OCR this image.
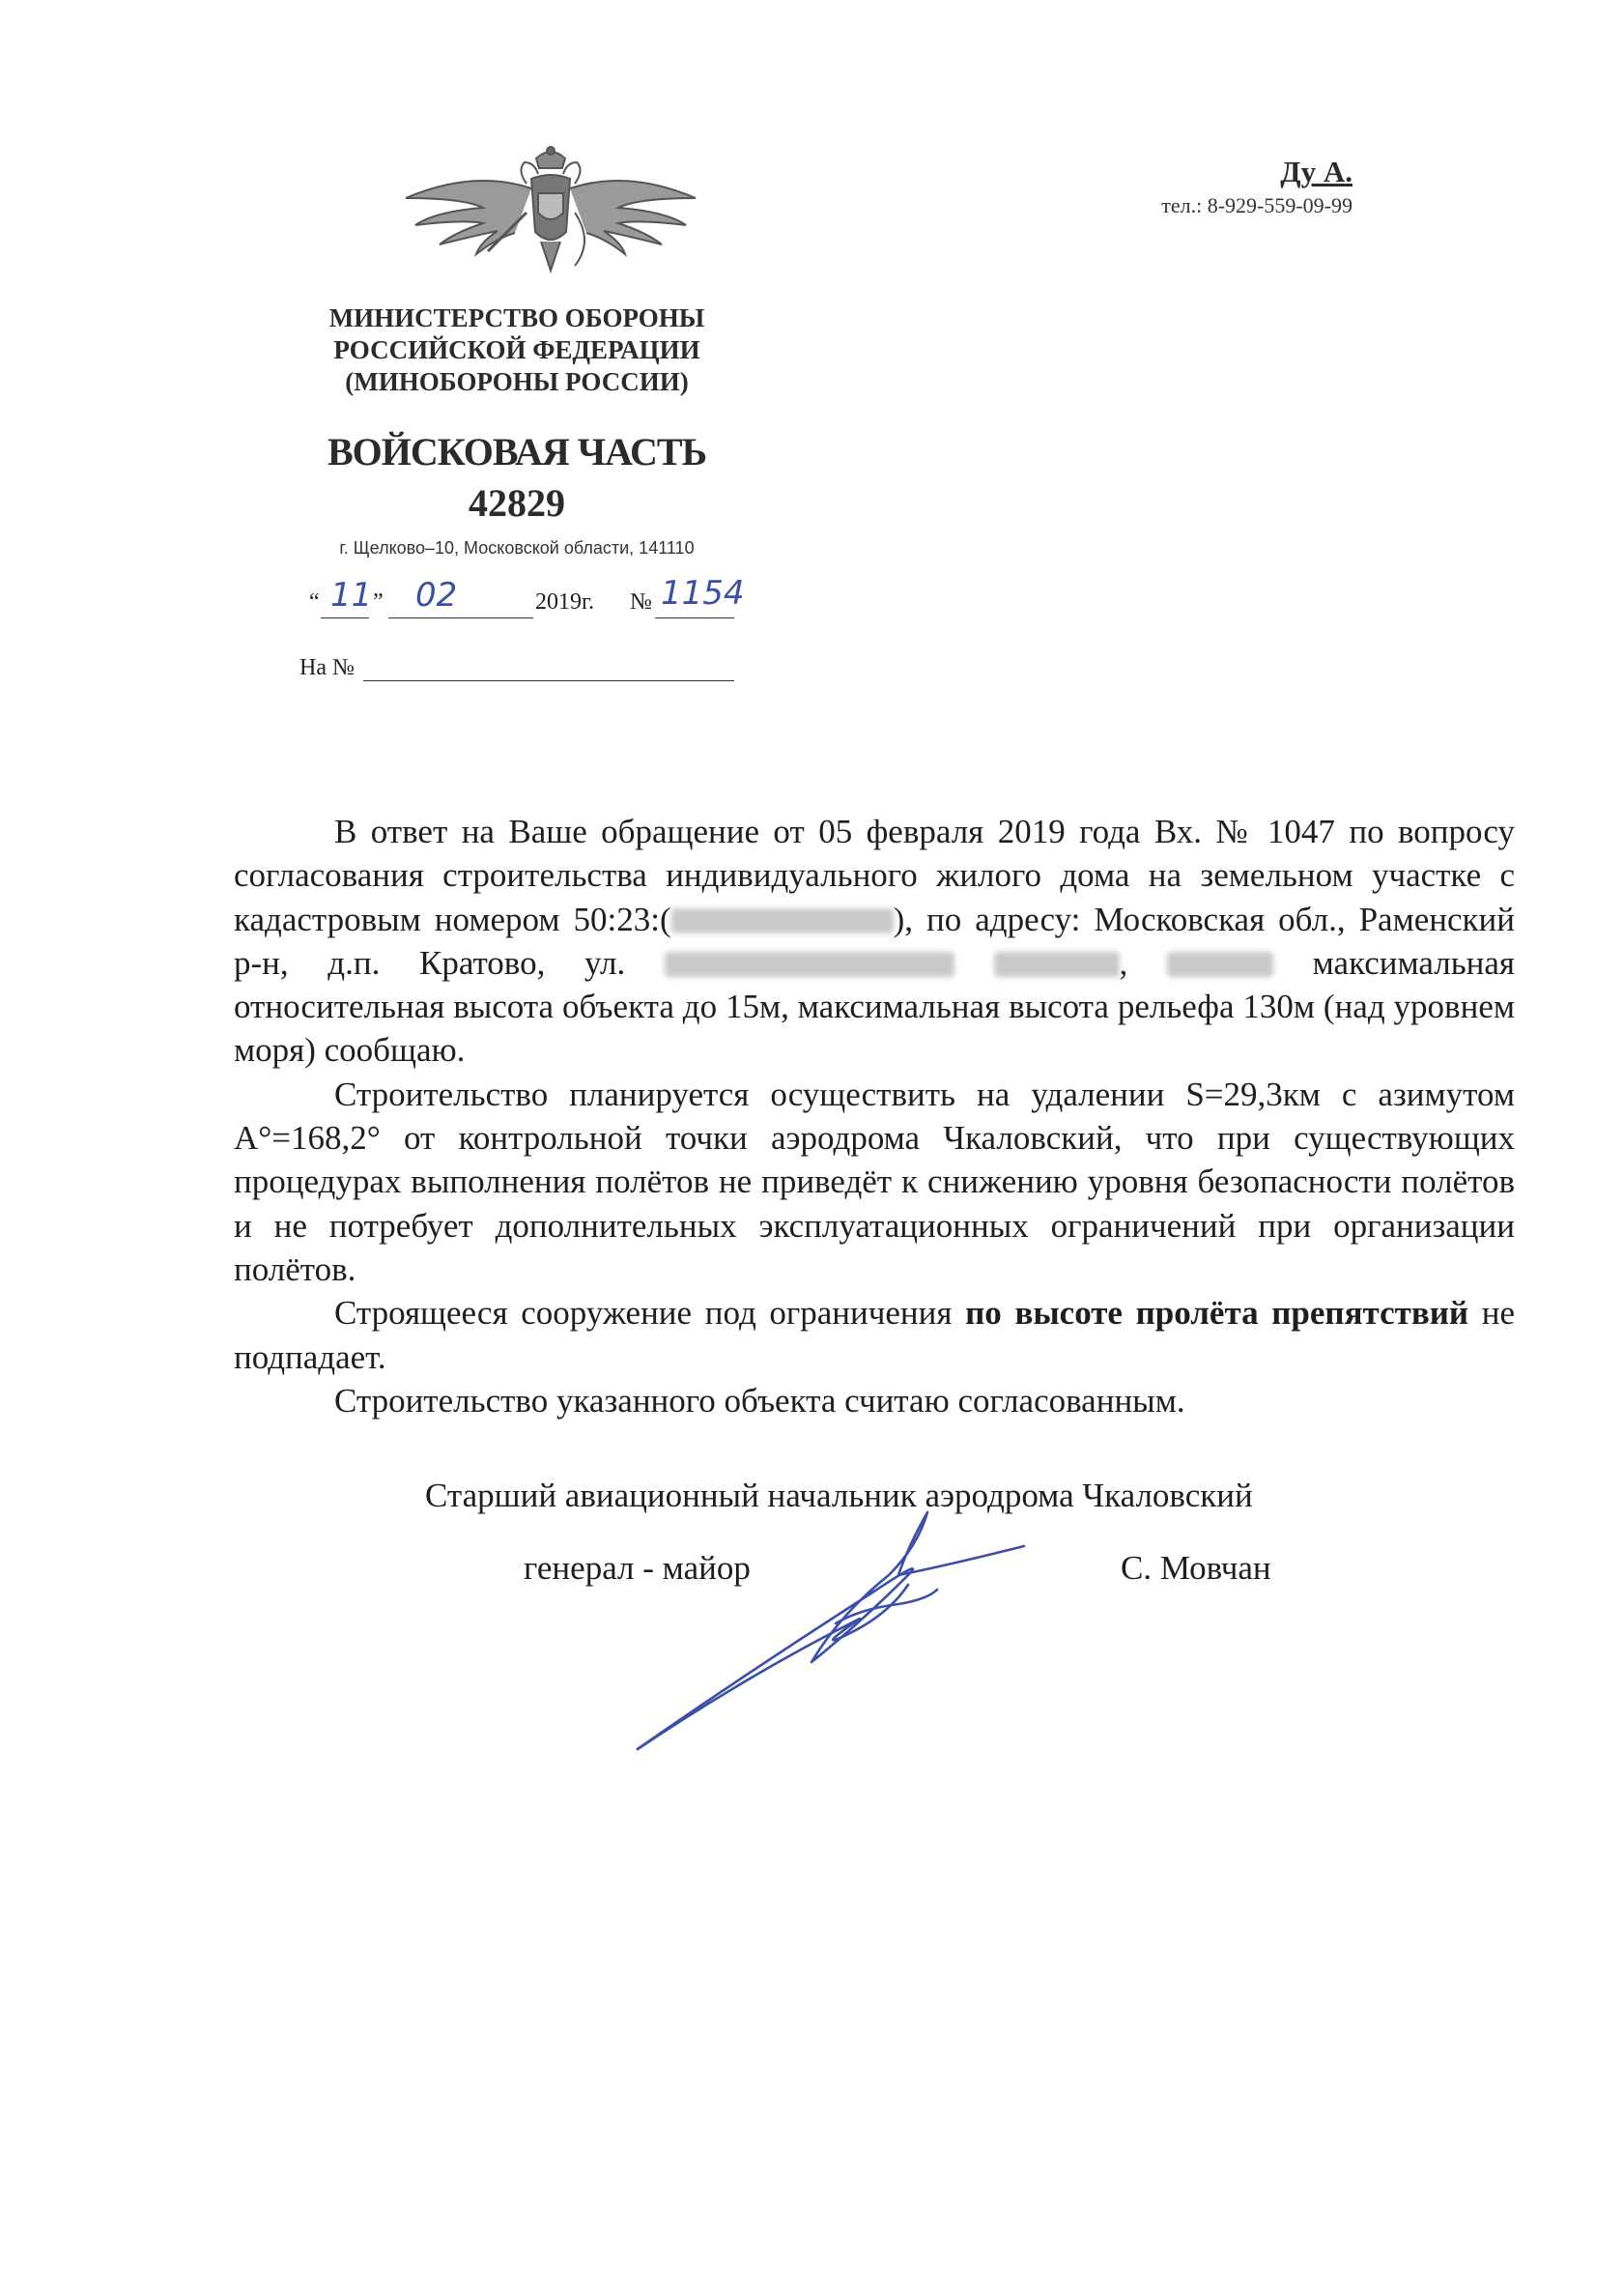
Ду А.
тел.: 8-929-559-09-99
МИНИСТЕРСТВО ОБОРОНЫ
РОССИЙСКОЙ ФЕДЕРАЦИИ
(МИНОБОРОНЫ РОССИИ)
ВОЙСКОВАЯ ЧАСТЬ
42829
г. Щелково–10, Московской области, 141110
“ 11 ” 02	2019г. № 1154
На №

В ответ на Ваше обращение от 05 февраля 2019 года Вх. № 1047 по вопросу согласования строительства индивидуального жилого дома на земельном участке с кадастровым номером 50:23:(	), по адресу: Московская обл., Раменский р-н, д.п. Кратово, ул.	,	максимальная относительная высота объекта до 15м, максимальная высота рельефа 130м (над уровнем моря) сообщаю.

Строительство планируется осуществить на удалении S=29,3км с азимутом А°=168,2° от контрольной точки аэродрома Чкаловский, что при существующих процедурах выполнения полётов не приведёт к снижению уровня безопасности полётов и не потребует дополнительных эксплуатационных ограничений при организации полётов.

Строящееся сооружение под ограничения по высоте пролёта препятствий не подпадает.

Строительство указанного объекта считаю согласованным.

Старший авиационный начальник аэродрома Чкаловский
генерал - майор	С. Мовчан
